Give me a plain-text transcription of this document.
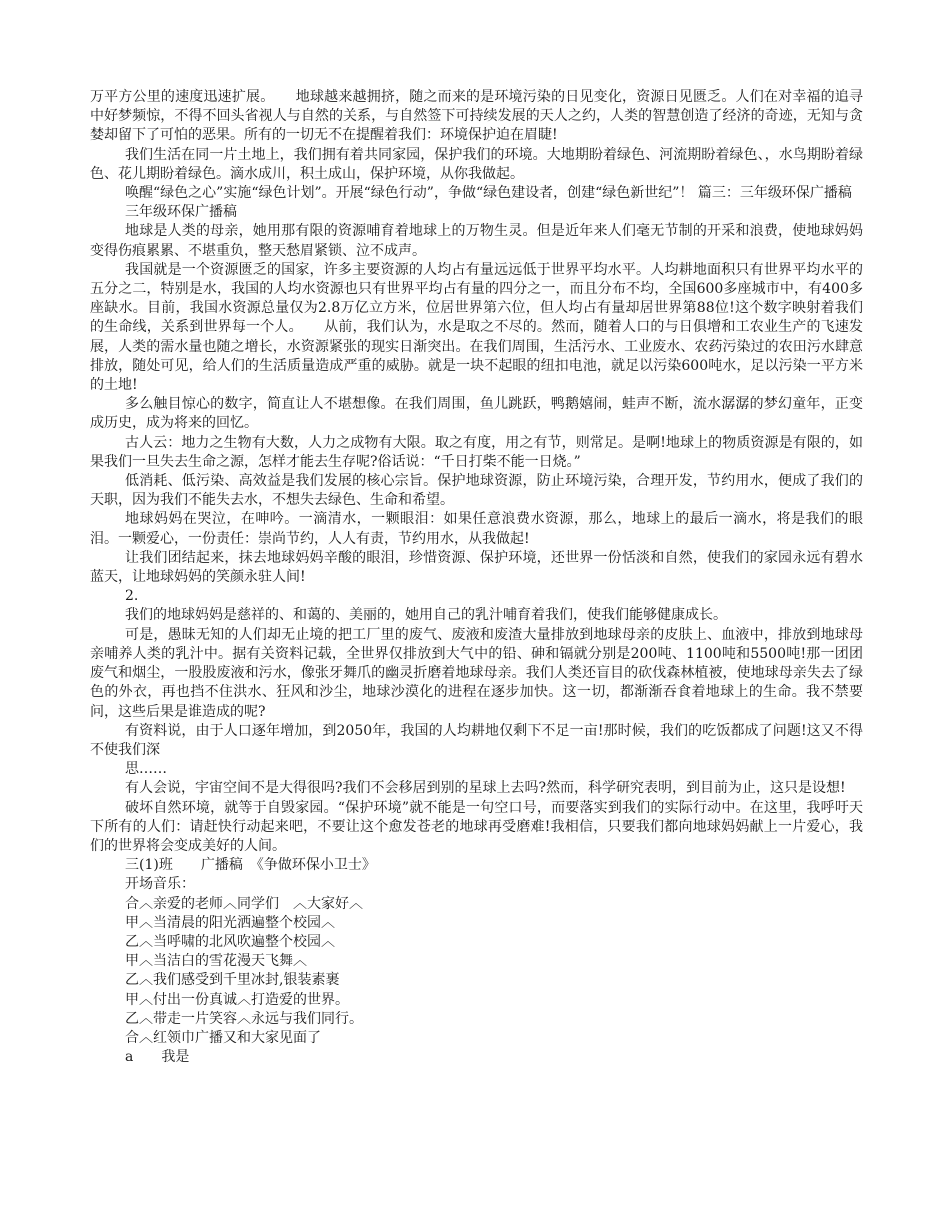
万平方公里的速度迅速扩展。　　地球越来越拥挤，随之而来的是环境污染的日见变化，资源日见匮乏。人们在对幸福的追寻中好梦频惊，不得不回头省视人与自然的关系，与自然签下可持续发展的天人之约，人类的智慧创造了经济的奇迹，无知与贪婪却留下了可怕的恶果。所有的一切无不在提醒着我们：环境保护迫在眉睫!

我们生活在同一片土地上，我们拥有着共同家园，保护我们的环境。大地期盼着绿色、河流期盼着绿色、，水鸟期盼着绿色、花儿期盼着绿色。滴水成川，积土成山，保护环境，从你我做起。

唤醒“绿色之心”实施“绿色计划”。开展“绿色行动”，争做“绿色建设者，创建“绿色新世纪”！ 篇三：三年级环保广播稿

三年级环保广播稿

地球是人类的母亲，她用那有限的资源哺育着地球上的万物生灵。但是近年来人们毫无节制的开采和浪费，使地球妈妈变得伤痕累累、不堪重负，整天愁眉紧锁、泣不成声。

我国就是一个资源匮乏的国家，许多主要资源的人均占有量远远低于世界平均水平。人均耕地面积只有世界平均水平的五分之二，特别是水，我国的人均水资源也只有世界平均占有量的四分之一，而且分布不均，全国600多座城市中，有400多座缺水。目前，我国水资源总量仅为2.8万亿立方米，位居世界第六位，但人均占有量却居世界第88位!这个数字映射着我们的生命线，关系到世界每一个人。　　从前，我们认为，水是取之不尽的。然而，随着人口的与日俱增和工农业生产的飞速发展，人类的需水量也随之增长，水资源紧张的现实日渐突出。在我们周围，生活污水、工业废水、农药污染过的农田污水肆意排放，随处可见，给人们的生活质量造成严重的威胁。就是一块不起眼的纽扣电池，就足以污染600吨水，足以污染一平方米的土地!

多么触目惊心的数字，简直让人不堪想像。在我们周围，鱼儿跳跃，鸭鹅嬉闹，蛙声不断，流水潺潺的梦幻童年，正变成历史，成为将来的回忆。

古人云：地力之生物有大数，人力之成物有大限。取之有度，用之有节，则常足。是啊!地球上的物质资源是有限的，如果我们一旦失去生命之源，怎样才能去生存呢?俗话说：“千日打柴不能一日烧。”

低消耗、低污染、高效益是我们发展的核心宗旨。保护地球资源，防止环境污染，合理开发，节约用水，便成了我们的天职，因为我们不能失去水，不想失去绿色、生命和希望。

地球妈妈在哭泣，在呻吟。一滴清水，一颗眼泪：如果任意浪费水资源，那么，地球上的最后一滴水，将是我们的眼泪。一颗爱心，一份责任：崇尚节约，人人有责，节约用水，从我做起!

让我们团结起来，抹去地球妈妈辛酸的眼泪，珍惜资源、保护环境，还世界一份恬淡和自然，使我们的家园永远有碧水蓝天，让地球妈妈的笑颜永驻人间!

2.

我们的地球妈妈是慈祥的、和蔼的、美丽的，她用自己的乳汁哺育着我们，使我们能够健康成长。

可是，愚昧无知的人们却无止境的把工厂里的废气、废液和废渣大量排放到地球母亲的皮肤上、血液中，排放到地球母亲哺养人类的乳汁中。据有关资料记载，全世界仅排放到大气中的铅、砷和镉就分别是200吨、1100吨和5500吨!那一团团废气和烟尘，一股股废液和污水，像张牙舞爪的幽灵折磨着地球母亲。我们人类还盲目的砍伐森林植被，使地球母亲失去了绿色的外衣，再也挡不住洪水、狂风和沙尘，地球沙漠化的进程在逐步加快。这一切，都渐渐吞食着地球上的生命。我不禁要问，这些后果是谁造成的呢?

有资料说，由于人口逐年增加，到2050年，我国的人均耕地仅剩下不足一亩!那时候，我们的吃饭都成了问题!这又不得不使我们深

思……

有人会说，宇宙空间不是大得很吗?我们不会移居到别的星球上去吗?然而，科学研究表明，到目前为止，这只是设想!

破坏自然环境，就等于自毁家园。“保护环境”就不能是一句空口号，而要落实到我们的实际行动中。在这里，我呼吁天下所有的人们：请赶快行动起来吧，不要让这个愈发苍老的地球再受磨难!我相信，只要我们都向地球妈妈献上一片爱心，我们的世界将会变成美好的人间。

三(1)班　　广播稿　《争做环保小卫士》

开场音乐：

合︿亲爱的老师︿同学们　︿大家好︿

甲︿当清晨的阳光洒遍整个校园︿

乙︿当呼啸的北风吹遍整个校园︿

甲︿当洁白的雪花漫天飞舞︿

乙︿我们感受到千里冰封,银装素裹

甲︿付出一份真诚︿打造爱的世界。

乙︿带走一片笑容︿永远与我们同行。

合︿红领巾广播又和大家见面了

a　　我是
